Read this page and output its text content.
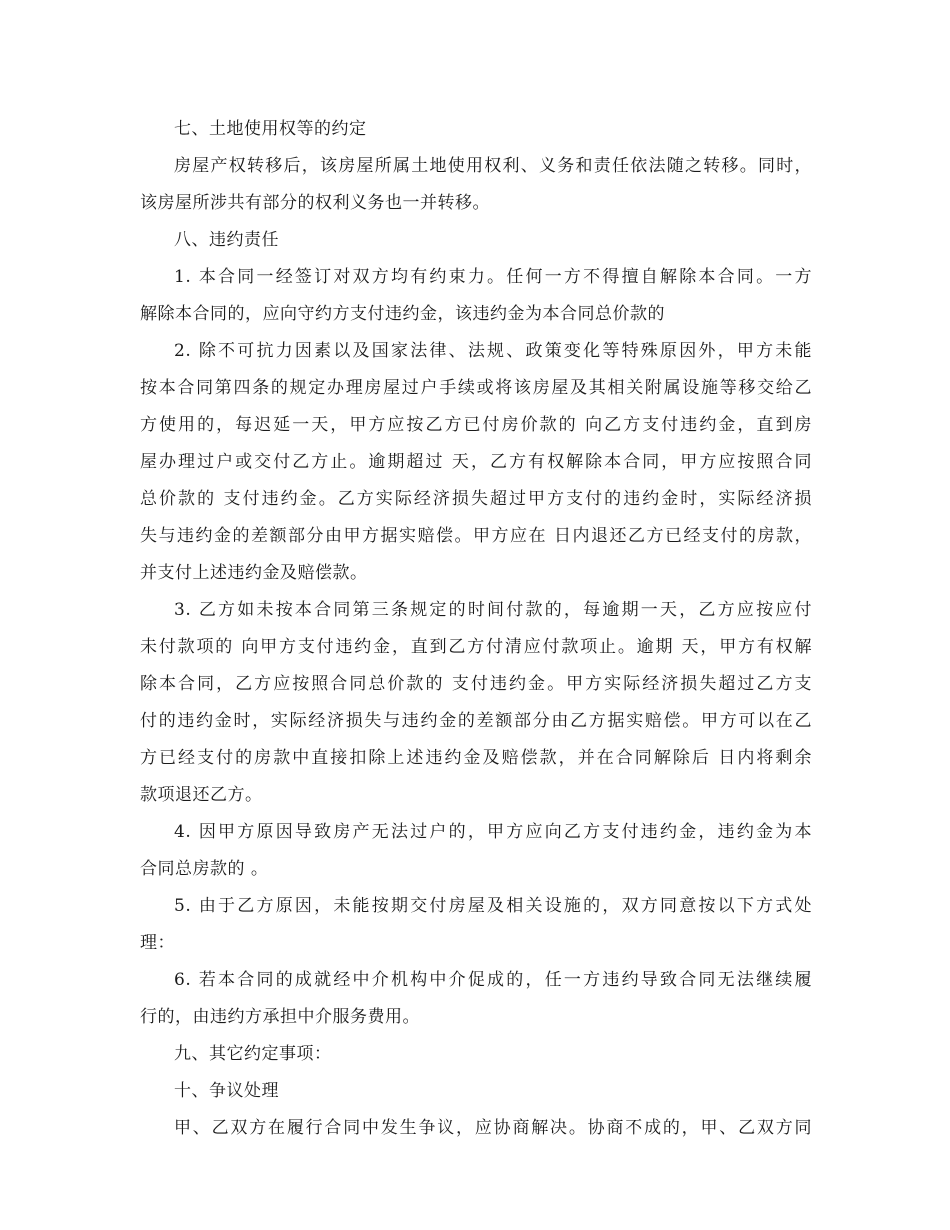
七、土地使用权等的约定
房屋产权转移后，该房屋所属土地使用权利、义务和责任依法随之转移。同时，
该房屋所涉共有部分的权利义务也一并转移。
八、违约责任
1. 本合同一经签订对双方均有约束力。任何一方不得擅自解除本合同。一方
解除本合同的，应向守约方支付违约金，该违约金为本合同总价款的
2. 除不可抗力因素以及国家法律、法规、政策变化等特殊原因外，甲方未能
按本合同第四条的规定办理房屋过户手续或将该房屋及其相关附属设施等移交给乙
方使用的，每迟延一天，甲方应按乙方已付房价款的 向乙方支付违约金，直到房
屋办理过户或交付乙方止。逾期超过 天，乙方有权解除本合同，甲方应按照合同
总价款的 支付违约金。乙方实际经济损失超过甲方支付的违约金时，实际经济损
失与违约金的差额部分由甲方据实赔偿。甲方应在 日内退还乙方已经支付的房款，
并支付上述违约金及赔偿款。
3. 乙方如未按本合同第三条规定的时间付款的，每逾期一天，乙方应按应付
未付款项的 向甲方支付违约金，直到乙方付清应付款项止。逾期 天，甲方有权解
除本合同，乙方应按照合同总价款的 支付违约金。甲方实际经济损失超过乙方支
付的违约金时，实际经济损失与违约金的差额部分由乙方据实赔偿。甲方可以在乙
方已经支付的房款中直接扣除上述违约金及赔偿款，并在合同解除后 日内将剩余
款项退还乙方。
4. 因甲方原因导致房产无法过户的，甲方应向乙方支付违约金，违约金为本
合同总房款的 。
5. 由于乙方原因，未能按期交付房屋及相关设施的，双方同意按以下方式处
理：
6. 若本合同的成就经中介机构中介促成的，任一方违约导致合同无法继续履
行的，由违约方承担中介服务费用。
九、其它约定事项：
十、争议处理
甲、乙双方在履行合同中发生争议，应协商解决。协商不成的，甲、乙双方同
